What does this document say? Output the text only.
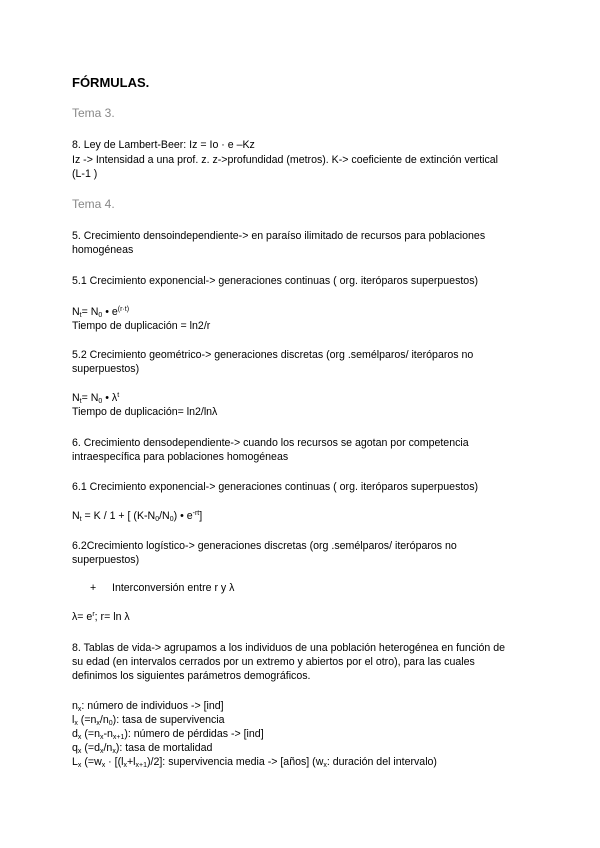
FÓRMULAS.
Tema 3.
8. Ley de Lambert-Beer: Iz = Io · e –Kz
Iz -> Intensidad a una prof. z. z->profundidad (metros). K-> coeficiente de extinción vertical
(L-1 )
Tema 4.
5. Crecimiento densoindependiente-> en paraíso ilimitado de recursos para poblaciones
homogéneas
5.1 Crecimiento exponencial-> generaciones continuas ( org. iteróparos superpuestos)
$N_t= N_0$ • $e^{(r\cdot t)}$
Tiempo de duplicación = ln2/r
5.2 Crecimiento geométrico-> generaciones discretas (org .semélparos/ iteróparos no
superpuestos)
$N_t= N_0$ • $\lambda^t$
Tiempo de duplicación= ln2/lnλ
6. Crecimiento densodependiente-> cuando los recursos se agotan por competencia
intraespecífica para poblaciones homogéneas
6.1 Crecimiento exponencial-> generaciones continuas ( org. iteróparos superpuestos)
$N_t = K / 1$ + [ $(K-N_0/N_0)$ • $e^{-rt}$]
6.2Crecimiento logístico-> generaciones discretas (org .semélparos/ iteróparos no
superpuestos)
+ Interconversión entre r y λ
$\lambda= e^r$; r= ln λ
8. Tablas de vida-> agrupamos a los individuos de una población heterogénea en función de
su edad (en intervalos cerrados por un extremo y abiertos por el otro), para las cuales
definimos los siguientes parámetros demográficos.
$n_x$: número de individuos -> [ind]
$l_x$ $(=n_x/n_0)$: tasa de supervivencia
$d_x$ $(=n_x-n_{x+1})$: número de pérdidas -> [ind]
$q_x$ $(=d_x/n_x)$: tasa de mortalidad
$L_x$ ($=w_x \cdot [(l_x+l_{x+1})/2]$: supervivencia media -> [años] ($w_x$: duración del intervalo)
